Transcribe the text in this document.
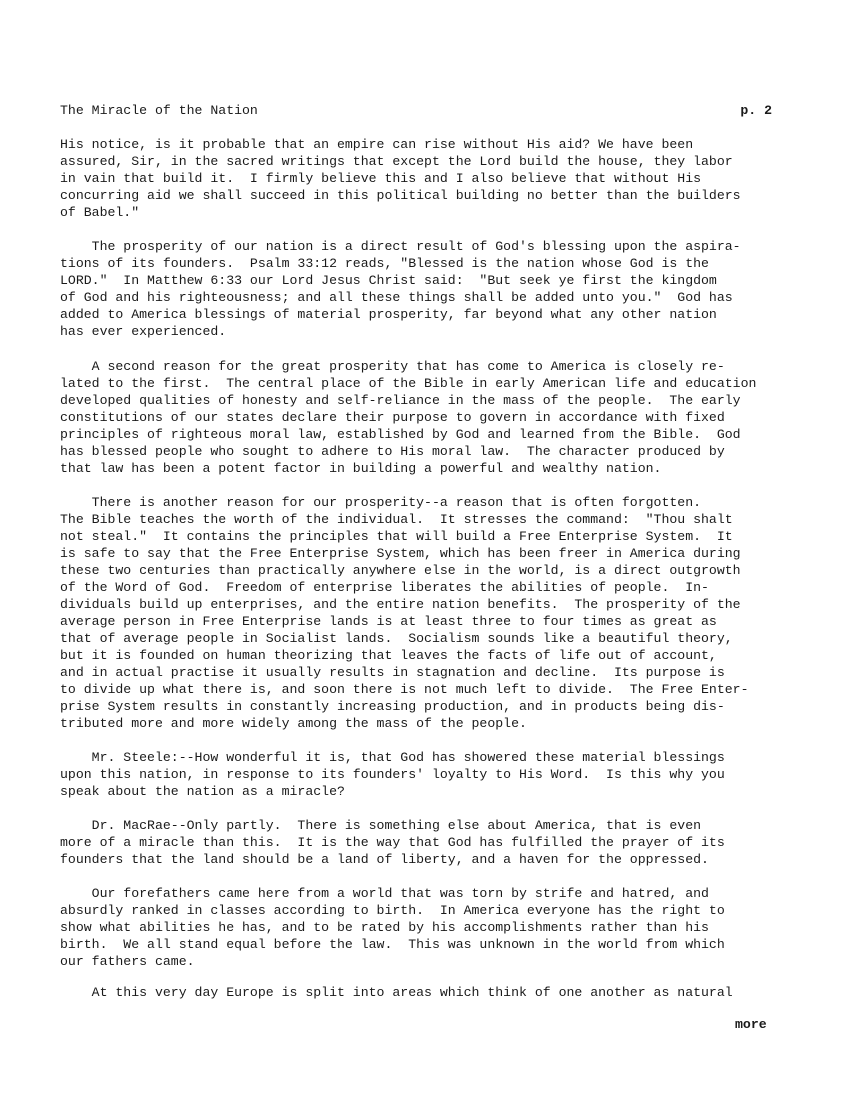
The Miracle of the Nation	p. 2
His notice, is it probable that an empire can rise without His aid? We have been
assured, Sir, in the sacred writings that except the Lord build the house, they labor
in vain that build it.  I firmly believe this and I also believe that without His
concurring aid we shall succeed in this political building no better than the builders
of Babel."
The prosperity of our nation is a direct result of God's blessing upon the aspira-
tions of its founders.  Psalm 33:12 reads, "Blessed is the nation whose God is the
LORD."  In Matthew 6:33 our Lord Jesus Christ said:  "But seek ye first the kingdom
of God and his righteousness; and all these things shall be added unto you."  God has
added to America blessings of material prosperity, far beyond what any other nation
has ever experienced.
A second reason for the great prosperity that has come to America is closely re-
lated to the first.  The central place of the Bible in early American life and education
developed qualities of honesty and self-reliance in the mass of the people.  The early
constitutions of our states declare their purpose to govern in accordance with fixed
principles of righteous moral law, established by God and learned from the Bible.  God
has blessed people who sought to adhere to His moral law.  The character produced by
that law has been a potent factor in building a powerful and wealthy nation.
There is another reason for our prosperity--a reason that is often forgotten.
The Bible teaches the worth of the individual.  It stresses the command:  "Thou shalt
not steal."  It contains the principles that will build a Free Enterprise System.  It
is safe to say that the Free Enterprise System, which has been freer in America during
these two centuries than practically anywhere else in the world, is a direct outgrowth
of the Word of God.  Freedom of enterprise liberates the abilities of people.  In-
dividuals build up enterprises, and the entire nation benefits.  The prosperity of the
average person in Free Enterprise lands is at least three to four times as great as
that of average people in Socialist lands.  Socialism sounds like a beautiful theory,
but it is founded on human theorizing that leaves the facts of life out of account,
and in actual practise it usually results in stagnation and decline.  Its purpose is
to divide up what there is, and soon there is not much left to divide.  The Free Enter-
prise System results in constantly increasing production, and in products being dis-
tributed more and more widely among the mass of the people.
Mr. Steele:--How wonderful it is, that God has showered these material blessings
upon this nation, in response to its founders' loyalty to His Word.  Is this why you
speak about the nation as a miracle?
Dr. MacRae--Only partly.  There is something else about America, that is even
more of a miracle than this.  It is the way that God has fulfilled the prayer of its
founders that the land should be a land of liberty, and a haven for the oppressed.
Our forefathers came here from a world that was torn by strife and hatred, and
absurdly ranked in classes according to birth.  In America everyone has the right to
show what abilities he has, and to be rated by his accomplishments rather than his
birth.  We all stand equal before the law.  This was unknown in the world from which
our fathers came.
At this very day Europe is split into areas which think of one another as natural
more
